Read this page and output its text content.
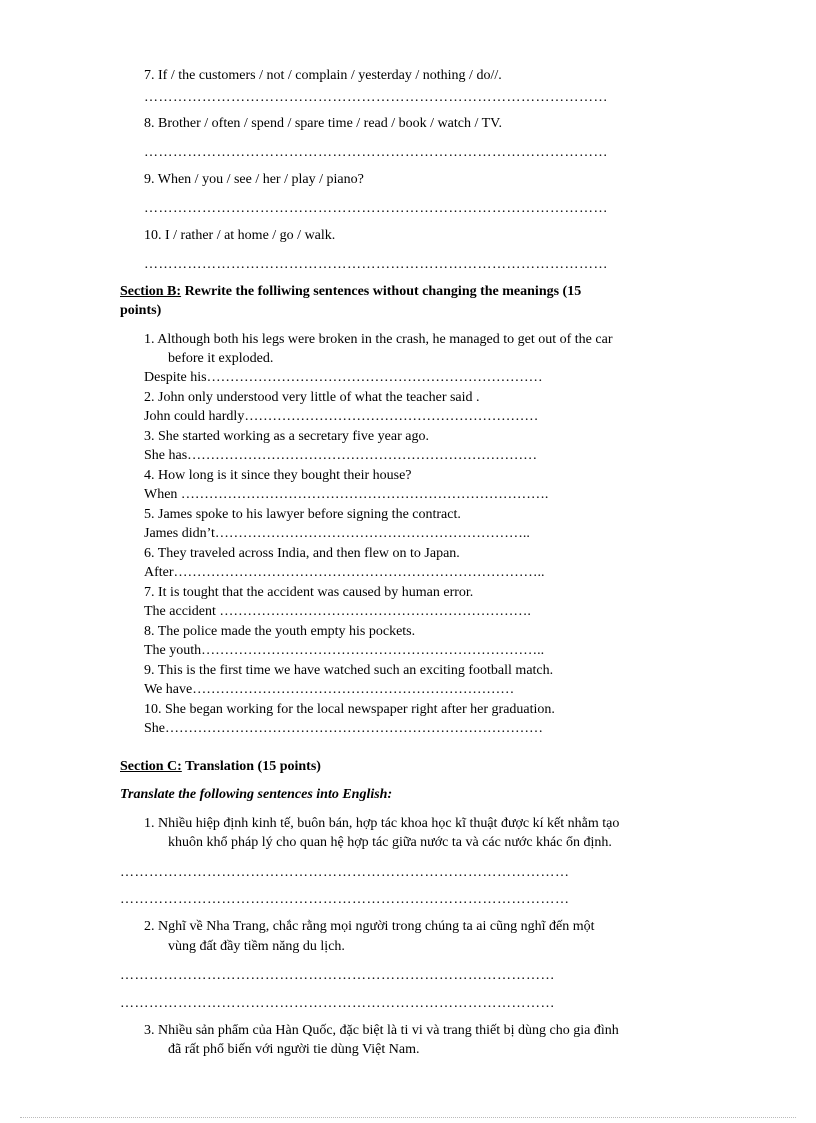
7. If / the customers / not / complain / yesterday / nothing / do//.
……………………………………………………………………………………
8. Brother / often / spend / spare time / read / book / watch / TV.
……………………………………………………………………………………
9. When / you / see / her / play / piano?
……………………………………………………………………………………
10. I / rather / at home / go / walk.
……………………………………………………………………………………
Section B: Rewrite the folliwing sentences without changing the meanings (15
points)
1. Although both his legs were broken in the crash, he managed to get out of the car
before it exploded.
Despite his………………………………………………………………
2. John only understood very little of what the teacher said .
John could hardly………………………………………………………
3. She started working as a secretary five year ago.
She has…………………………………………………………………
4. How long is it since they bought their house?
When …………………………………………………………………….
5. James spoke to his lawyer before signing the contract.
James didn’t…………………………………………………………..
6. They traveled across India, and then flew on to Japan.
After……………………………………………………………………..
7. It is tought that the accident was caused by human error.
The accident ………………………………………………………….
8. The police made the youth empty his pockets.
The youth………………………………………………………………..
9. This is the first time we have watched such an exciting football match.
We have……………………………………………………………
10. She began working for the local newspaper right after her graduation.
She………………………………………………………………………
Section C: Translation (15 points)
Translate the following sentences into English:
1. Nhiều hiệp định kinh tế, buôn bán, hợp tác khoa học kĩ thuật được kí kết nhằm tạo
khuôn khổ pháp lý cho quan hệ hợp tác giữa nước ta và các nước khác ổn định.
…………………………………………………………………………………
…………………………………………………………………………………
2. Nghĩ về Nha Trang, chắc rằng mọi người trong chúng ta ai cũng nghĩ đến một
vùng đất đầy tiềm năng du lịch.
………………………………………………………………………………
………………………………………………………………………………
3. Nhiều sản phẩm của Hàn Quốc, đặc biệt là ti vi và trang thiết bị dùng cho gia đình
đã rất phổ biến với người tie dùng Việt Nam.
